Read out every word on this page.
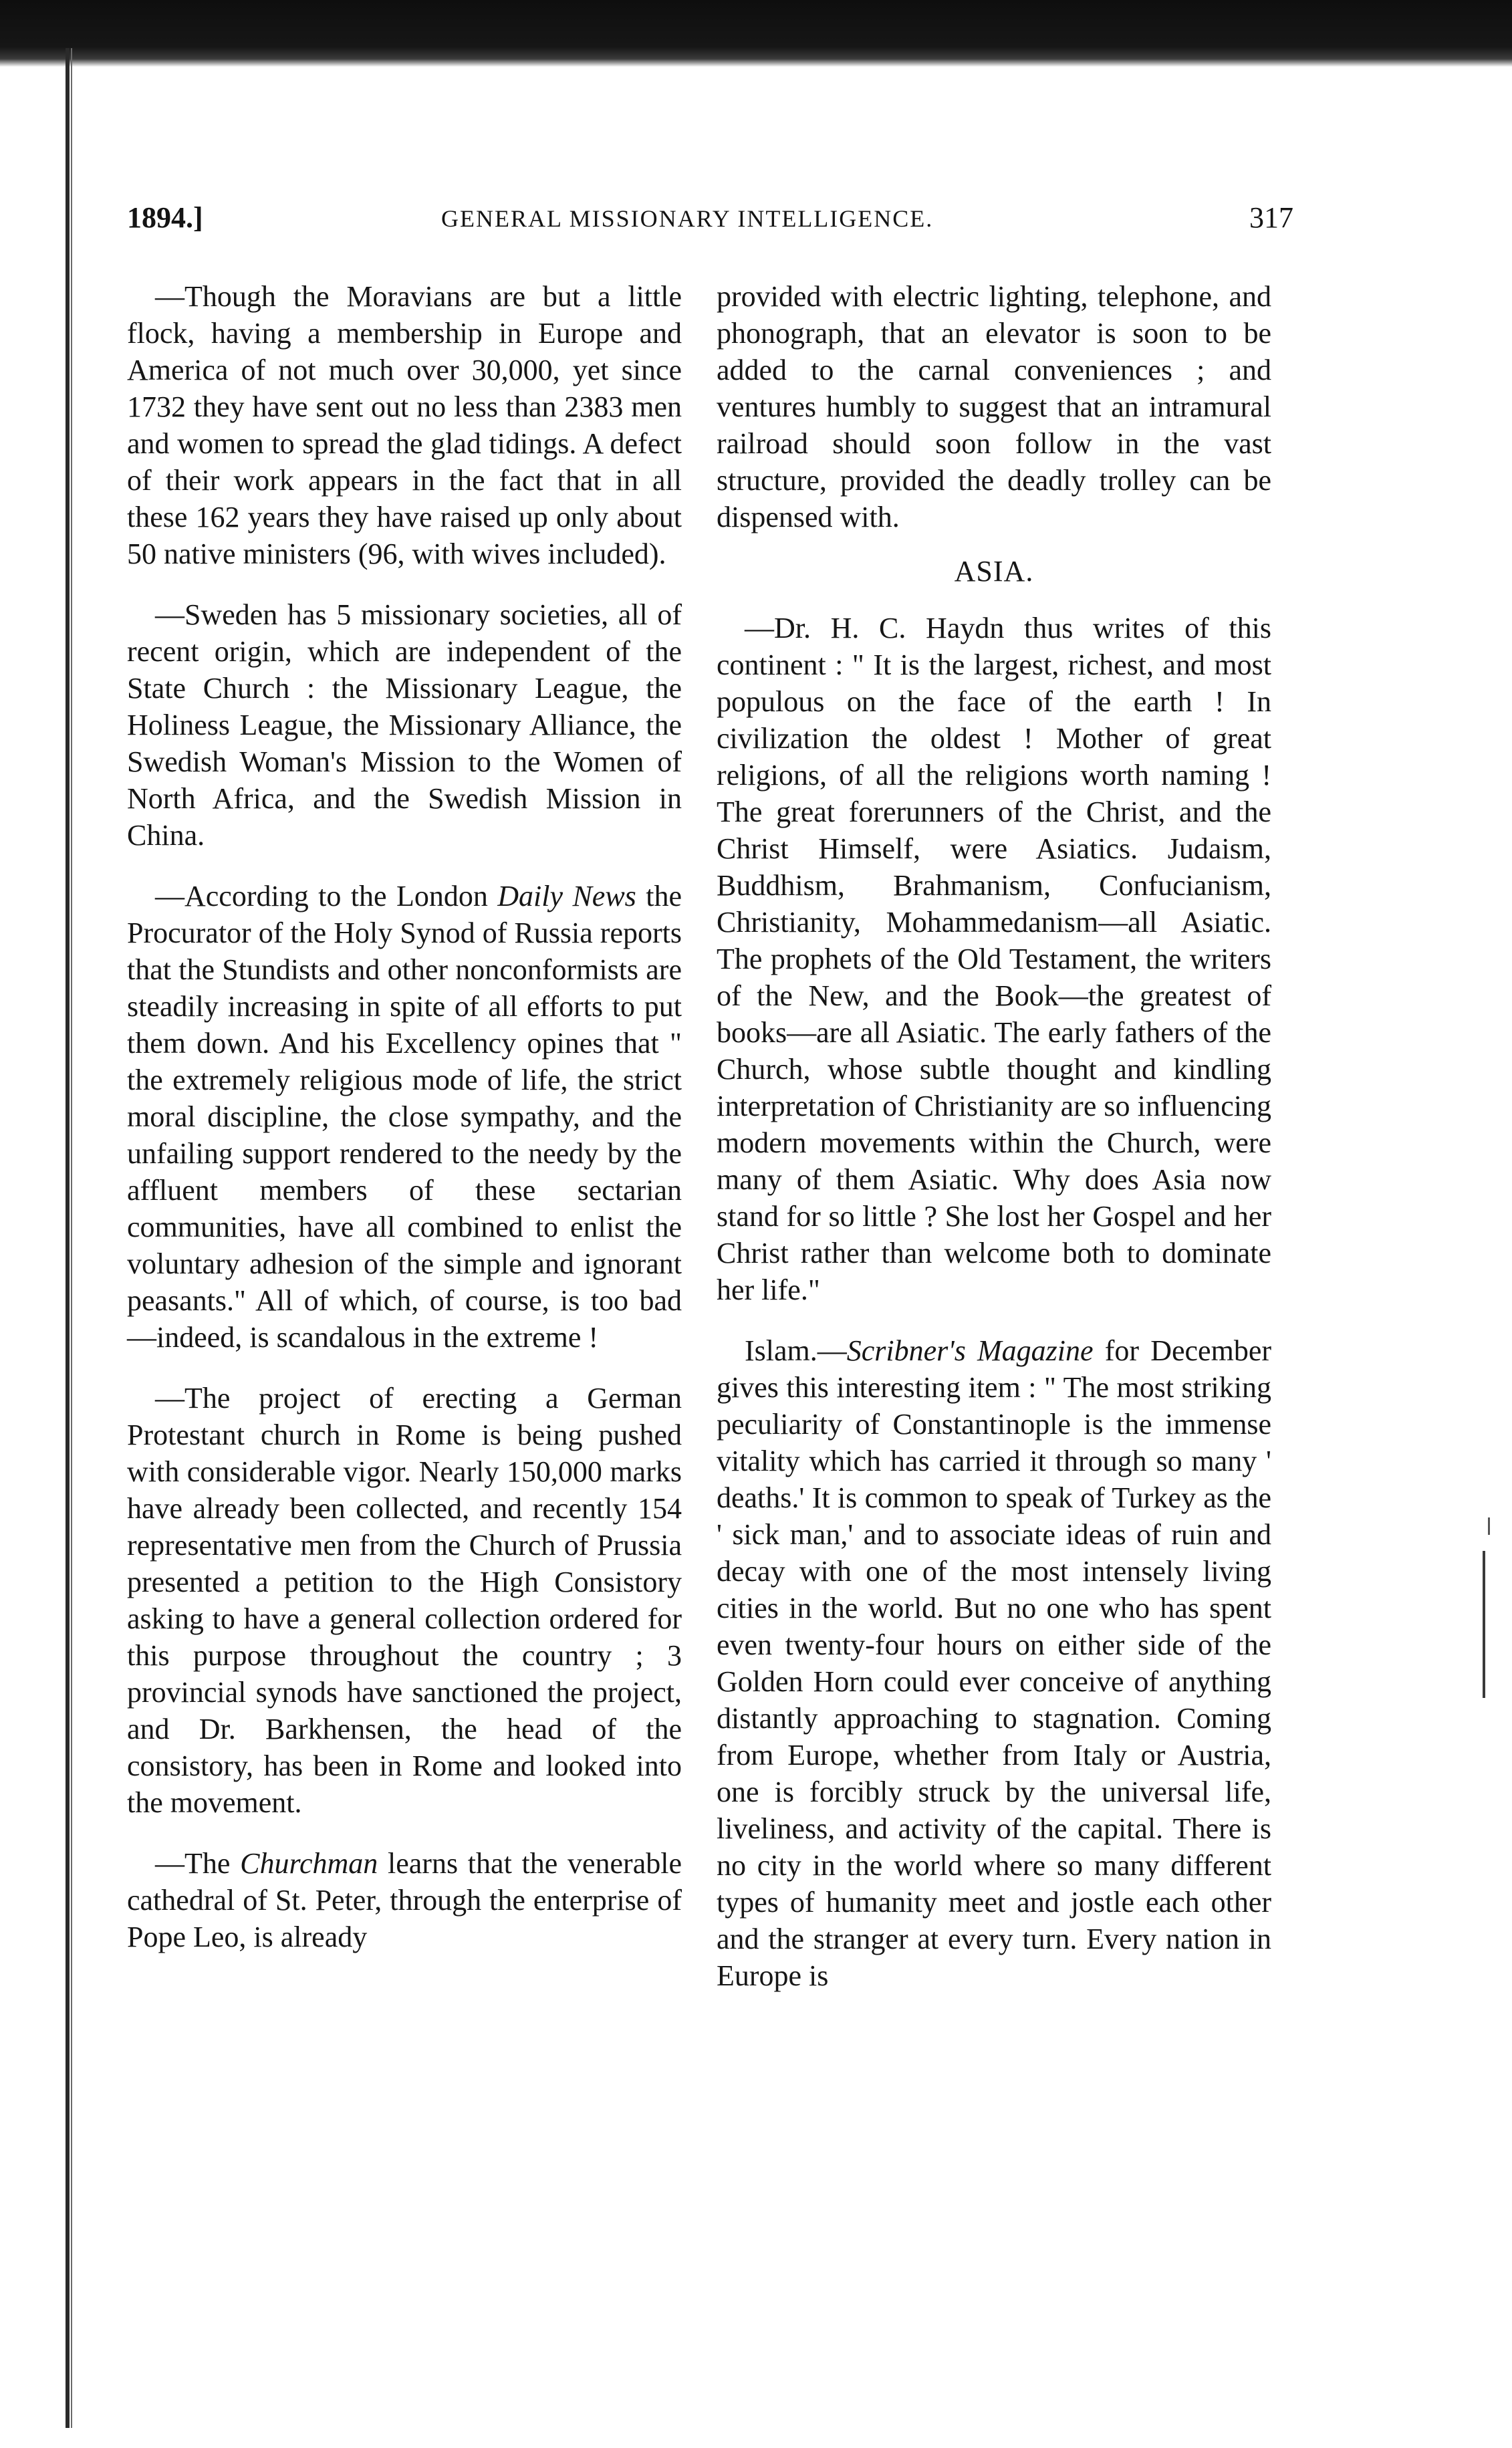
1894.]	GENERAL MISSIONARY INTELLIGENCE.	317

—Though the Moravians are but a little flock, having a membership in Europe and America of not much over 30,000, yet since 1732 they have sent out no less than 2383 men and women to spread the glad tidings. A defect of their work appears in the fact that in all these 162 years they have raised up only about 50 native ministers (96, with wives included).

—Sweden has 5 missionary societies, all of recent origin, which are independent of the State Church : the Missionary League, the Holiness League, the Missionary Alliance, the Swedish Woman's Mission to the Women of North Africa, and the Swedish Mission in China.

—According to the London Daily News the Procurator of the Holy Synod of Russia reports that the Stundists and other nonconformists are steadily increasing in spite of all efforts to put them down. And his Excellency opines that " the extremely religious mode of life, the strict moral discipline, the close sympathy, and the unfailing support rendered to the needy by the affluent members of these sectarian communities, have all combined to enlist the voluntary adhesion of the simple and ignorant peasants." All of which, of course, is too bad—indeed, is scandalous in the extreme !

—The project of erecting a German Protestant church in Rome is being pushed with considerable vigor. Nearly 150,000 marks have already been collected, and recently 154 representative men from the Church of Prussia presented a petition to the High Consistory asking to have a general collection ordered for this purpose throughout the country ; 3 provincial synods have sanctioned the project, and Dr. Barkhensen, the head of the consistory, has been in Rome and looked into the movement.

—The Churchman learns that the venerable cathedral of St. Peter, through the enterprise of Pope Leo, is already

provided with electric lighting, telephone, and phonograph, that an elevator is soon to be added to the carnal conveniences ; and ventures humbly to suggest that an intramural railroad should soon follow in the vast structure, provided the deadly trolley can be dispensed with.

ASIA.

—Dr. H. C. Haydn thus writes of this continent : " It is the largest, richest, and most populous on the face of the earth ! In civilization the oldest ! Mother of great religions, of all the religions worth naming ! The great forerunners of the Christ, and the Christ Himself, were Asiatics. Judaism, Buddhism, Brahmanism, Confucianism, Christianity, Mohammedanism—all Asiatic. The prophets of the Old Testament, the writers of the New, and the Book—the greatest of books—are all Asiatic. The early fathers of the Church, whose subtle thought and kindling interpretation of Christianity are so influencing modern movements within the Church, were many of them Asiatic. Why does Asia now stand for so little ? She lost her Gospel and her Christ rather than welcome both to dominate her life."

Islam.—Scribner's Magazine for December gives this interesting item : " The most striking peculiarity of Constantinople is the immense vitality which has carried it through so many ' deaths.' It is common to speak of Turkey as the ' sick man,' and to associate ideas of ruin and decay with one of the most intensely living cities in the world. But no one who has spent even twenty-four hours on either side of the Golden Horn could ever conceive of anything distantly approaching to stagnation. Coming from Europe, whether from Italy or Austria, one is forcibly struck by the universal life, liveliness, and activity of the capital. There is no city in the world where so many different types of humanity meet and jostle each other and the stranger at every turn. Every nation in Europe is
